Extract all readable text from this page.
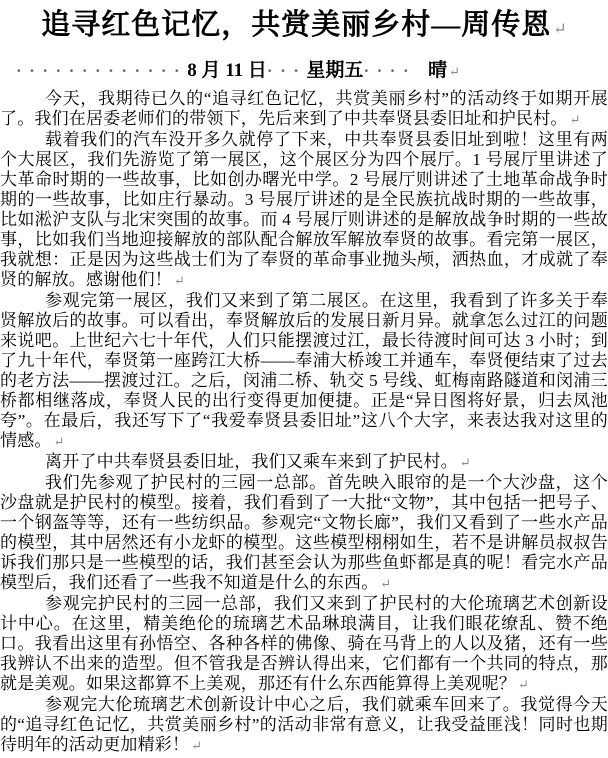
追寻红色记忆，共赏美丽乡村—周传恩 ↵
·············8 月 11 日···星期五···· 晴 ↵

今天，我期待已久的“追寻红色记忆，共赏美丽乡村”的活动终于如期开展了。我们在居委老师们的带领下，先后来到了中共奉贤县委旧址和护民村。 ↵

载着我们的汽车没开多久就停了下来，中共奉贤县委旧址到啦！这里有两个大展区，我们先游览了第一展区，这个展区分为四个展厅。1 号展厅里讲述了大革命时期的一些故事，比如创办曙光中学。2 号展厅则讲述了土地革命战争时期的一些故事，比如庄行暴动。3 号展厅讲述的是全民族抗战时期的一些故事，比如淞沪支队与北宋突围的故事。而 4 号展厅则讲述的是解放战争时期的一些故事，比如我们当地迎接解放的部队配合解放军解放奉贤的故事。看完第一展区，我就想：正是因为这些战士们为了奉贤的革命事业抛头颅，洒热血，才成就了奉贤的解放。感谢他们！ ↵

参观完第一展区，我们又来到了第二展区。在这里，我看到了许多关于奉贤解放后的故事。可以看出，奉贤解放后的发展日新月异。就拿怎么过江的问题来说吧。上世纪六七十年代，人们只能摆渡过江，最长待渡时间可达 3 小时；到了九十年代，奉贤第一座跨江大桥——奉浦大桥竣工并通车，奉贤便结束了过去的老方法——摆渡过江。之后，闵浦二桥、轨交 5 号线、虹梅南路隧道和闵浦三桥都相继落成，奉贤人民的出行变得更加便捷。正是“异日图将好景，归去凤池夸”。在最后，我还写下了“我爱奉贤县委旧址”这八个大字，来表达我对这里的情感。 ↵

离开了中共奉贤县委旧址，我们又乘车来到了护民村。 ↵

我们先参观了护民村的三园一总部。首先映入眼帘的是一个大沙盘，这个沙盘就是护民村的模型。接着，我们看到了一大批“文物”，其中包括一把号子、一个钢盔等等，还有一些纺织品。参观完“文物长廊”，我们又看到了一些水产品的模型，其中居然还有小龙虾的模型。这些模型栩栩如生，若不是讲解员叔叔告诉我们那只是一些模型的话，我们甚至会认为那些鱼虾都是真的呢！看完水产品模型后，我们还看了一些我不知道是什么的东西。 ↵

参观完护民村的三园一总部，我们又来到了护民村的大伦琉璃艺术创新设计中心。在这里，精美绝伦的琉璃艺术品琳琅满目，让我们眼花缭乱、赞不绝口。我看出这里有孙悟空、各种各样的佛像、骑在马背上的人以及猪，还有一些我辨认不出来的造型。但不管我是否辨认得出来，它们都有一个共同的特点，那就是美观。如果这都算不上美观，那还有什么东西能算得上美观呢？ ↵

参观完大伦琉璃艺术创新设计中心之后，我们就乘车回来了。我觉得今天的“追寻红色记忆，共赏美丽乡村”的活动非常有意义，让我受益匪浅！同时也期待明年的活动更加精彩！ ↵
